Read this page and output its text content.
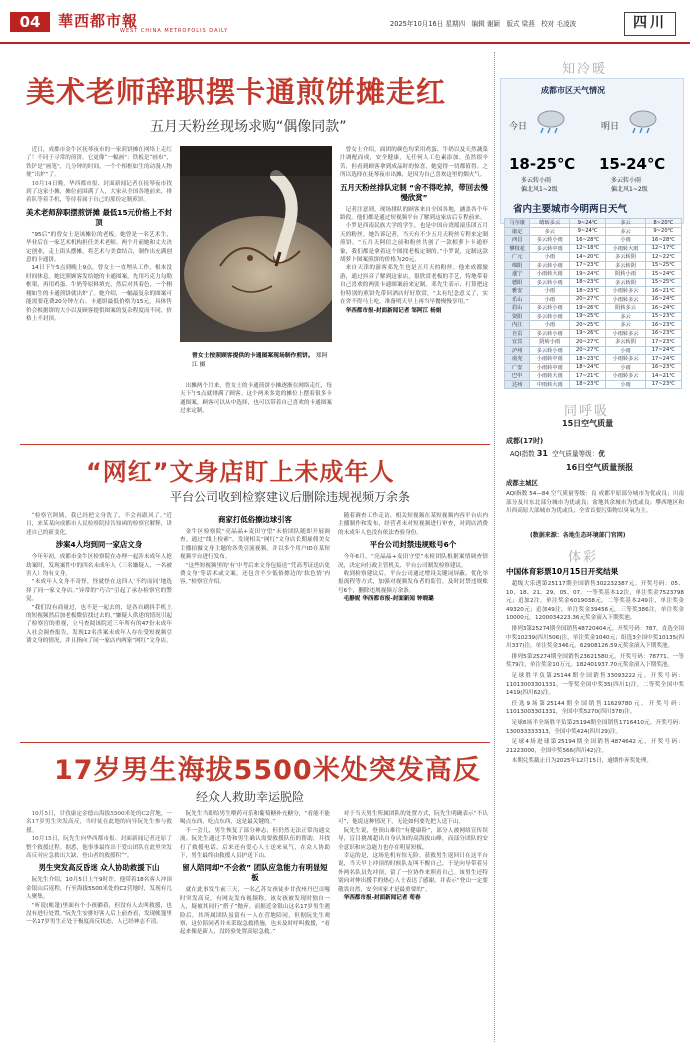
04	華西都市報
WEST CHINA METROPOLIS DAILY
2025年10月16日 星期四 编辑 谢颖 版式 梁燕 校对 毛凌波	四川
美术老师辞职摆卡通煎饼摊走红
五月天粉丝现场求购“偶像同款”

近日，成都市金牛区抚琴夜市的一家煎饼摊在网络上走红了！不同于寻常的煎饼，它更像“一幅画”：铁板是“画布”，铁铲是“画笔”，几分钟的时间，一个个相框如生的动漫人物便“出炉”了。

10月14日晚，华西都市报、封面新闻记者在抚琴夜市找到了这家小摊，摊位前围满了人，大家从全国各地前来，排着队等着手机，等待着属于自己的那份定制煎饼。

美术老师辞职摆煎饼摊 最低15元价格上不封顶

“95后”的曾女士是该摊位的老板。她曾是一名艺术生，毕业后在一家艺术机构担任美术老师。两个月前她和丈夫决定创业，走上街头摆摊，将艺术与美食结合，制作出充满创意的卡通饼。

14日下午5点到晚上9点，曾女士一直埋头工作，根本没时间休息。她比照顾客发给她的卡通图案，先用巧克力勾勒框架，再用鸡蛋、牛奶等原料填充，然后对其着色，一个栩栩如生的卡通煎饼就出炉了。她介绍，一幅最复杂的图案可能需要花费20分钟左右。卡通饼最低价格为15元，具体售价会根据饼的大小以及顾客提供图案的复杂程度而不同，价格上不封顶。

曾女士按照顾客提供的卡通图案现场制作煎饼。 郑阿江 摄

出摊两个月来，曾女士的卡通煎饼小摊逐渐在网络走红，每天下午5点就排满了顾客。这个两米多宽的摊位上摆着很多卡通图案，顾客可以从中选择，也可以带着自己喜欢的卡通图案过来定制。

曾女士介绍，面团的颜色均采用鸡蛋、牛奶以及天然蔬菜汁调配而成，安全健康，无任何人工色素添加。虽然很辛苦，但看到顾客拿到成品时的惊喜，她觉得一切都值得。之所以选择在抚琴夜市出摊，是因为自己喜欢这里的烟火气。

五月天粉丝排队定制 “舍不得吃掉，带回去慢慢欣赏”

记者注意到，现场排队的顾客来自全国各地，涵盖各个年龄段。他们都是通过短视频平台了解到这家店后专程前来。

小罗是西南民族大学的学生，也是中国台湾摇滚乐团五月天的粉丝。她告诉记者，当天有不少五月天粉丝专程来定制煎饼。“五月天阿信之前和粉丝共创了一款相萝卜卡通形象，我们都是拿着这个图找老板定制的。”小罗说，定制这款胡萝卜图案煎饼的价格为20元。

来自天津的游客邓先生也是五月天的粉丝。他来成都旅游，通过抖音了解到这家店，很欣赏老板的手艺，特地带着自己喜欢的两张卡通图案前来定制。邓先生表示，打算把这份特别的煎饼先带回酒店好好欣赏，“太有纪念意义了，实在舍不得马上吃，准备明天早上再当早餐慢慢享用。”

华西都市报-封面新闻记者 邹阿江 杨娟

“网红”文身店盯上未成年人
平台公司收到检察建议后删除违规视频万余条

“检察官阿姨，我已经把文身洗了，不会再跟风了。”近日，来某某向成都市人民检察院持告知函的检察官解释，讲述自己的新变化。

涉案4人均到同一家店文身

今年年初，成都市金牛区检察院在办理一起涉未成年人抢劫案时，发现案件中的四名未成年人（三名嫌疑人、一名被害人）均有文身。

“未成年人文身不奇怪，怪就怪在这四人‘不约而同’地选择了同一家文身店。”异常的“巧合”引起了承办检察官的警觉。

“我们没有商量过，也不是一起去的，是各自刷抖手机上的短视频然后加老板微信找过去的。”嫌疑人供述的情况引起了检察官的重视，立马查阅该院近三年所有的47份未成年人社会调查报告，发现12名涉案未成年人存在受短视频引诱文身的情况，并且指向了同一家店内两家“网红”文身店。

商家打低俗擦边球引客

金牛区检察院“亮晶晶+麦田守望”未检团队随即开展调查。通过“线上检索”，发现相关“网红”文身店长期雇佣美女主播拍摄文身主题的各类引流视频，并以多个用户ID在某短视频平台进行发布。

“这些短视频里的‘有’中考后来文身包接送’‘凭高考证送店免费文身’等话术或文案，还包含不少低俗擦边的‘软色情’内容。”检察官介绍。

随着调查工作走访，相关短视频在某短视频内容平台店内主播制作和发布，经营者未对短视频进行审查，对到店消费的未成年人也没有依法查验身份。

平台公司封禁违规账号6个

今年6月，“亮晶晶+麦田守望”未检团队根据案情调查情况，决定向行政主管机关、平台公司制发检察建议。

收到检察建议后，平台公司通过增设关键词屏蔽、优化举报流程等方式，加强对视频发布者的监管，及时封禁违规账号6个，删除违规视频万余条。

毛静妮 华西都市报-封面新闻 钟晓璐

17岁男生海拔5500米处突发高反
经众人救助幸运脱险

10月5日，甘孜康定金德山海拔5500米处的C2营地，一名17岁男生突发高反，当时徒在此地的向导阮先生参与救援。

10月15日，阮先生向华西都市报、封面新闻记者还原了整个救援过程。据悉，他事事最终出于爱山团队在此里突发高反对应急救出大缺，登山者的救援积“”。

男生突发高反昏迷 众人协助救援下山

阮先生介绍，10月5日上午9时许，他带着18名客人冲顶金银山后返程，行至海拔5500米处的C2营地时，发现有几人聚集。

“听说(帐篷)里面有个小孩躺着，但没有人去叫救援，也没有进行处置。”阮先生安排好客人后上前查看，发现帐篷里一名17岁男生正处于极度高反状态，人已经神志不清。

阮先生当即给男生喂药可乐和葡萄糖补充糖分，“看能不能喝点东西，吃点东西，这是最关键的。”

不一会儿，男生恢复了部分神志，但仍然无法正常沟通交流。阮先生通过手势和男生确认需要救援队伍的帮助，并找打了救援电话。后来还有爱心人士送来氧气，在众人协助下，男生最终由救援人员护送下山。

留人陪同却“不会救” 团队应急能力有明显短板

就在此事发生前三天，一名乙苏女孩徒步甘孜州丹巴贡嘎时突发高反，有网友发布视频称，该女孩被发现时独自一人，疑被其同行“搭子”抛弃。而据近金银山这名17岁男生遇险后，其所属团队虽留有一人在营地陪同，但据阮先生观察，这位陪同者并未采取急救措施，也未及时呼叫救援，“看起来像是新人，没经验处置高原急救。”

对于当天男生所属团队的处置方式，阮先生明确表示“不认可”，他说这种情况下，无论如何要先把人送下山。

阮先生说，登顶山难往“有健康险”，部分人被网络宣传误导，盲目挑战超出自身认知的高海拔山峰，而部分团队的安全意识和应急能力也存在明显短板。

幸运的是，这场危机有惊无险。获救男生返回日在这平台说，当天早上冲顶的时候队友叫不醒自己，于是向导带着另外两名队员先冲顶，留了一位协作来照看自己。该男生还特别向对伸出援手的热心人士表达了感谢，并表示“登山一定要敬畏自然，安全回家才是最重要的”。

华西都市报-封面新闻记者 荀春

知冷暖
成都市区天气情况
今日
18-25℃
多云转小雨
偏北风1~2级
明日
15-24℃
多云转小雨
偏北风1~2级
省内主要城市今明两日天气
马尔康	晴转多云	9~24℃	多云	8~20℃
康定	多云	9~24℃	多云	9~20℃
西昌	多云转小雨	16~28℃	小雨	16~28℃
攀枝花	多云转中雨	12~18℃	小雨转大雨	12~17℃
广元	小雨	14~20℃	多云转阴	12~22℃
绵阳	多云转小雨	17~23℃	多云转阴	15~25℃
遂宁	小雨转大雨	19~24℃	阴转小雨	15~24℃
德阳	多云转小雨	18~23℃	多云转阴	15~25℃
雅安	小雨	18~23℃	小雨转多云	16~21℃
乐山	小雨	20~27℃	小雨转多云	16~24℃
眉山	多云转小雨	19~26℃	阴转多云	16~24℃
资阳	多云转小雨	19~25℃	多云	15~23℃
内江	小雨	20~25℃	多云	16~23℃
自贡	多云转小雨	19~26℃	小雨转多云	16~23℃
宜宾	阴转小雨	20~27℃	多云转阴	17~23℃
泸州	多云转小雨	20~27℃	小雨	17~24℃
南充	小雨转中雨	18~23℃	小雨转多云	17~24℃
广安	小雨转中雨	18~24℃	小雨	16~23℃
巴中	小雨转大雨	17~21℃	小雨转多云	14~21℃
达州	中雨转大雨	18~23℃	小雨	17~23℃
同呼吸
15日空气质量
成都(17时)
AQI指数 31 空气质量等级：优
16日空气质量预报
成都主城区
AQI指数 54—84 空气质量等级：良 成都平原部分城市为优或良；川南部分及川东北部分城市为优或良；盆地其余城市为优或良；攀西地区和川西高原大部城市为优或良；全省首要污染物以臭氧为主。
(数据来源：各地生态环境部门官网)
体彩
中国体育彩票10月15日开奖结果

超级大乐透第25117期全国销售302232387元。开奖号码：05、10、18、21、29、05、07。一等奖基本12注，单注奖金7523798元；追加2注，单注奖金6019038元。二等奖基本249注，单注奖金49320元；追加49注，单注奖金39456元。三等奖386注，单注奖金10000元。1200034223.36元奖金滚入下期奖池。

排列3第25274期全国销售48720404元。开奖号码：787。直选全国中奖10239(四川506)注，单注奖金1040元；组选3全国中奖10135(四川337)注，单注奖金346元。62908126.59元奖金滚入下期奖池。

排列5第25274期全国销售23621580元。开奖号码：78771。一等奖79注，单注奖金10万元。182401937.70元奖金滚入下期奖池。

足球胜平负第25144期全国销售33093222元。开奖号码：11013003301331，一等奖全国中奖35(四川1)注，二等奖全国中奖1419(四川62)注。

任选9场第25144期全国销售11629780元。开奖号码：11013003301331，全国中奖5270(四川378)注。

足球6场半全场胜平负第25194期全国销售1716410元。开奖号码：130033333313，全国中奖424(四川29)注。

足球4场进球第25194期全国销售4874642元。开奖号码：21223000，全国中奖566(四川42)注。

本期兑奖截止日为2025年12月15日，逾期作弃奖处理。
